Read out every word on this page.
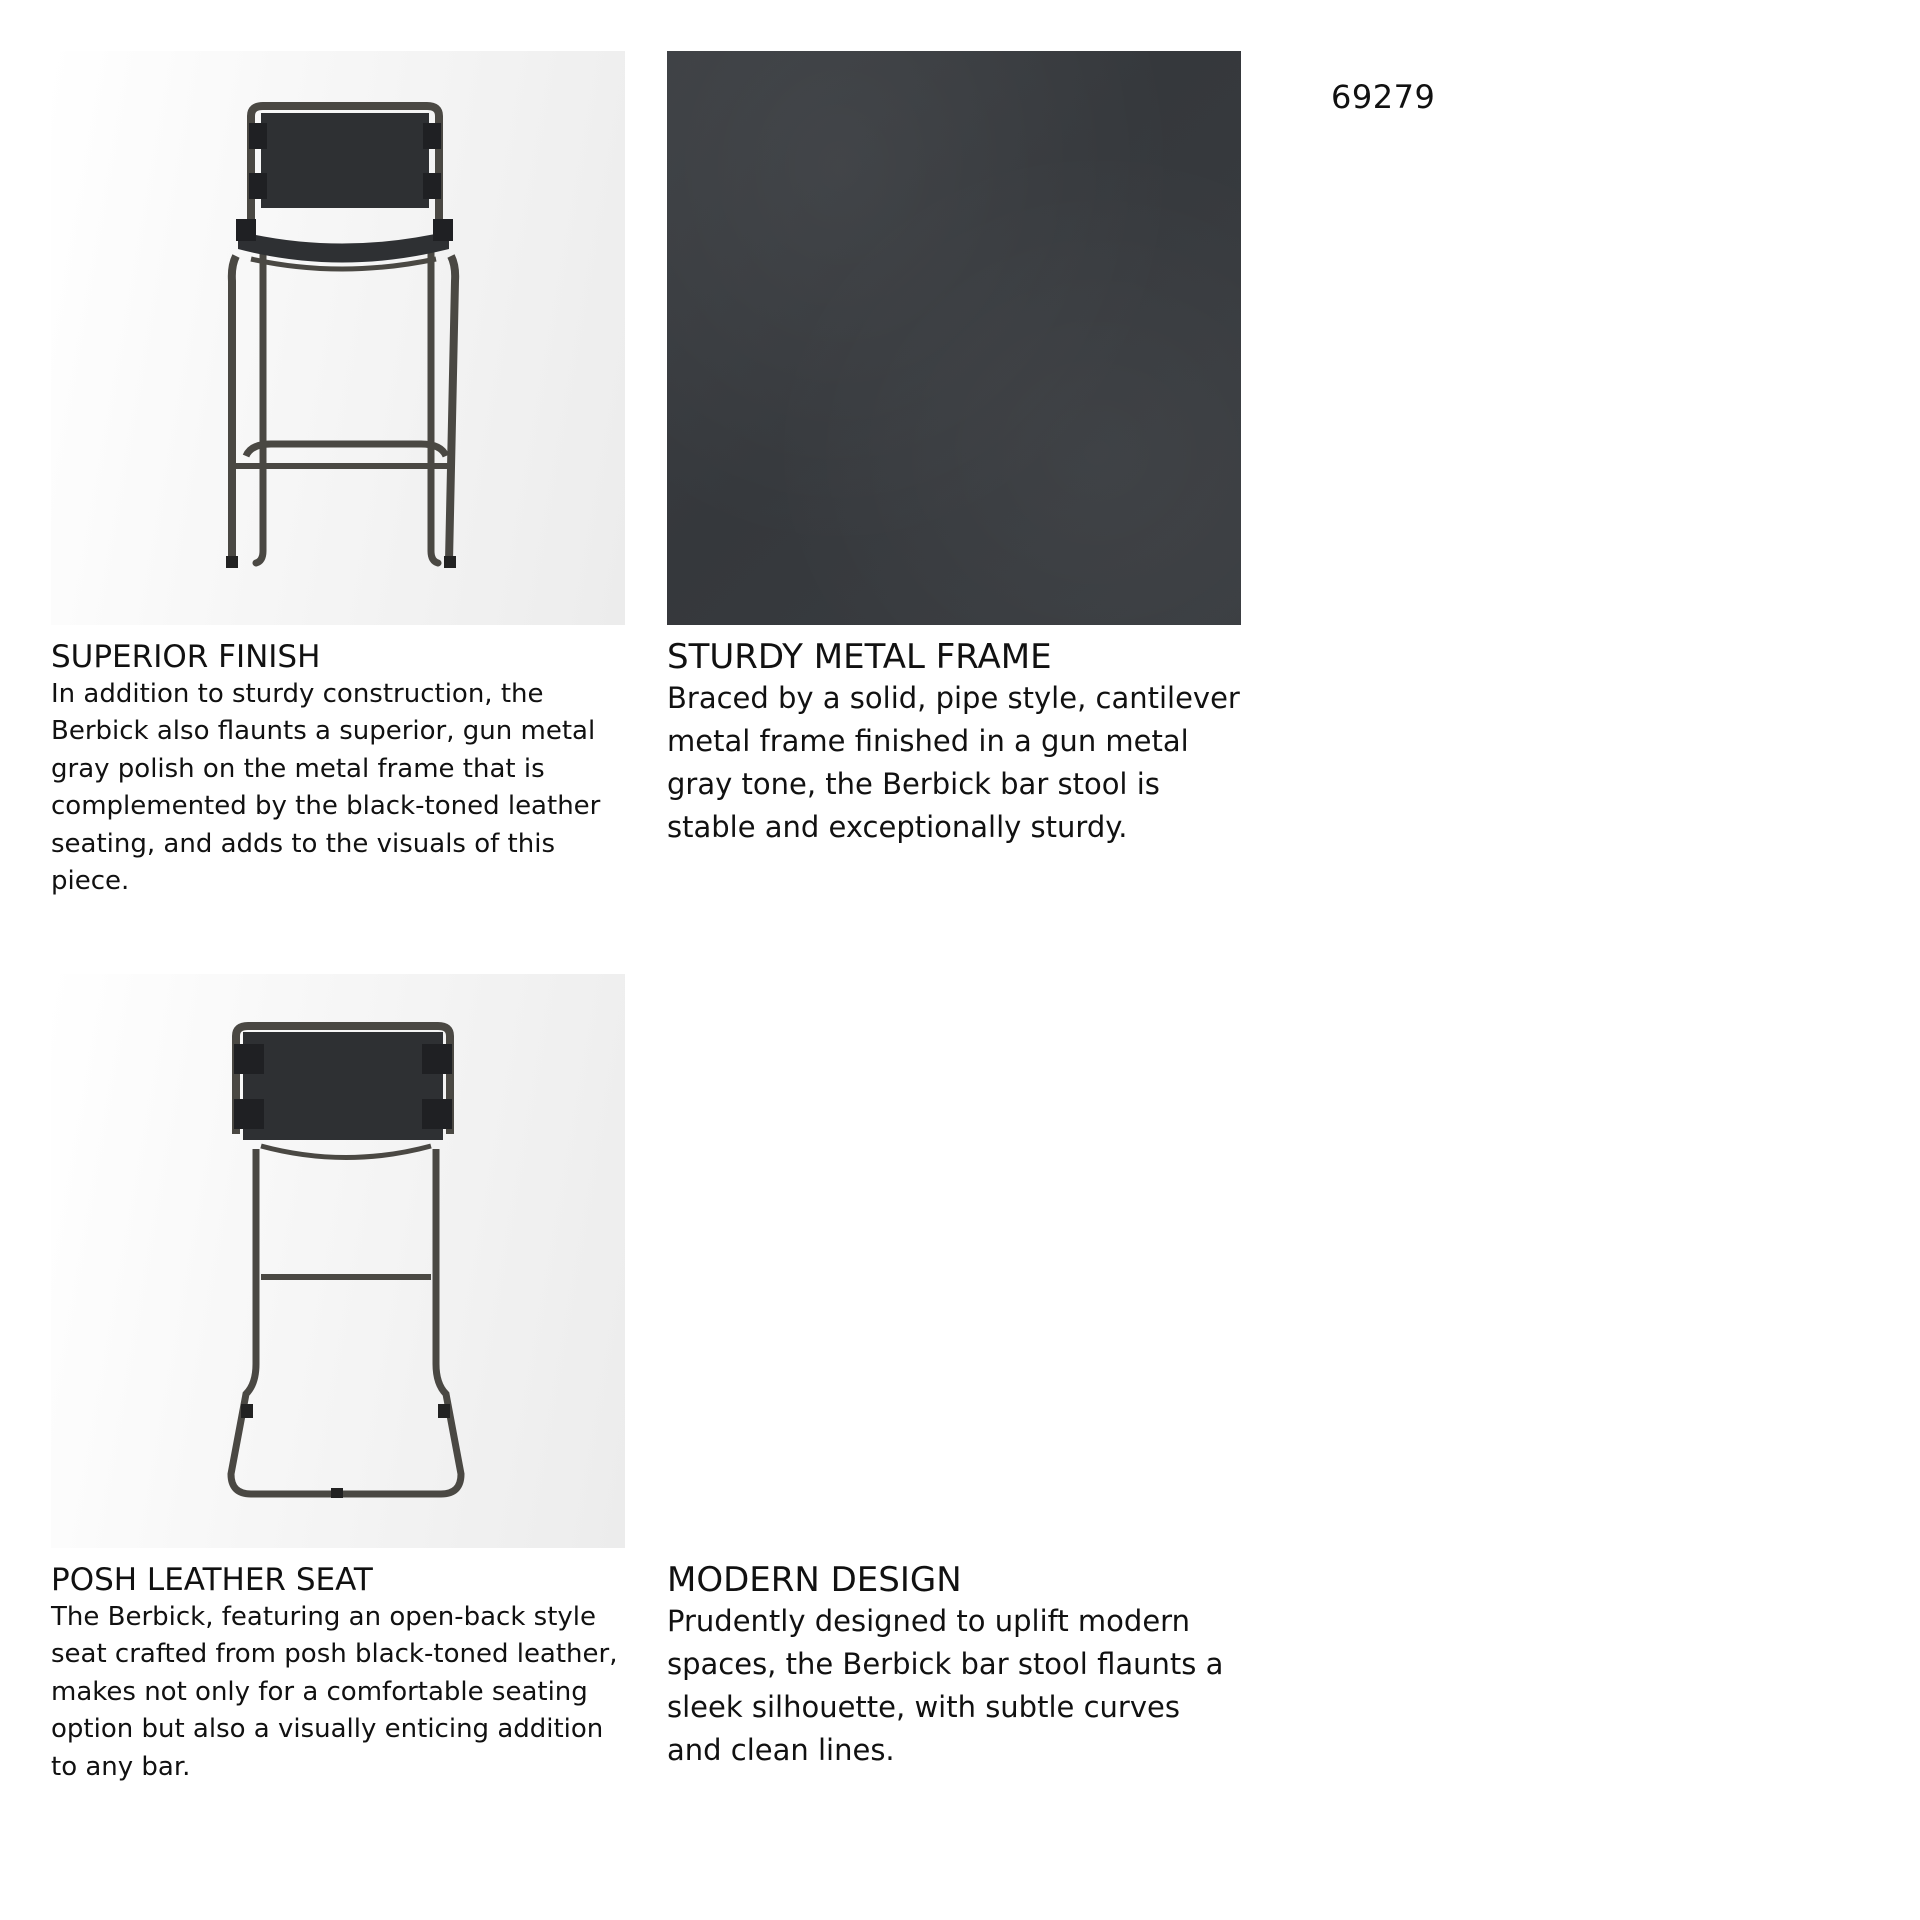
69279
SUPERIOR FINISH

In addition to sturdy construction, the Berbick also flaunts a superior, gun metal gray polish on the metal frame that is complemented by the black-toned leather seating, and adds to the visuals of this piece.

STURDY METAL FRAME

Braced by a solid, pipe style, cantilever metal frame finished in a gun metal gray tone, the Berbick bar stool is stable and exceptionally sturdy.

POSH LEATHER SEAT

The Berbick, featuring an open-back style seat crafted from posh black-toned leather, makes not only for a comfortable seating option but also a visually enticing addition to any bar.

MODERN DESIGN

Prudently designed to uplift modern spaces, the Berbick bar stool flaunts a sleek silhouette, with subtle curves and clean lines.
